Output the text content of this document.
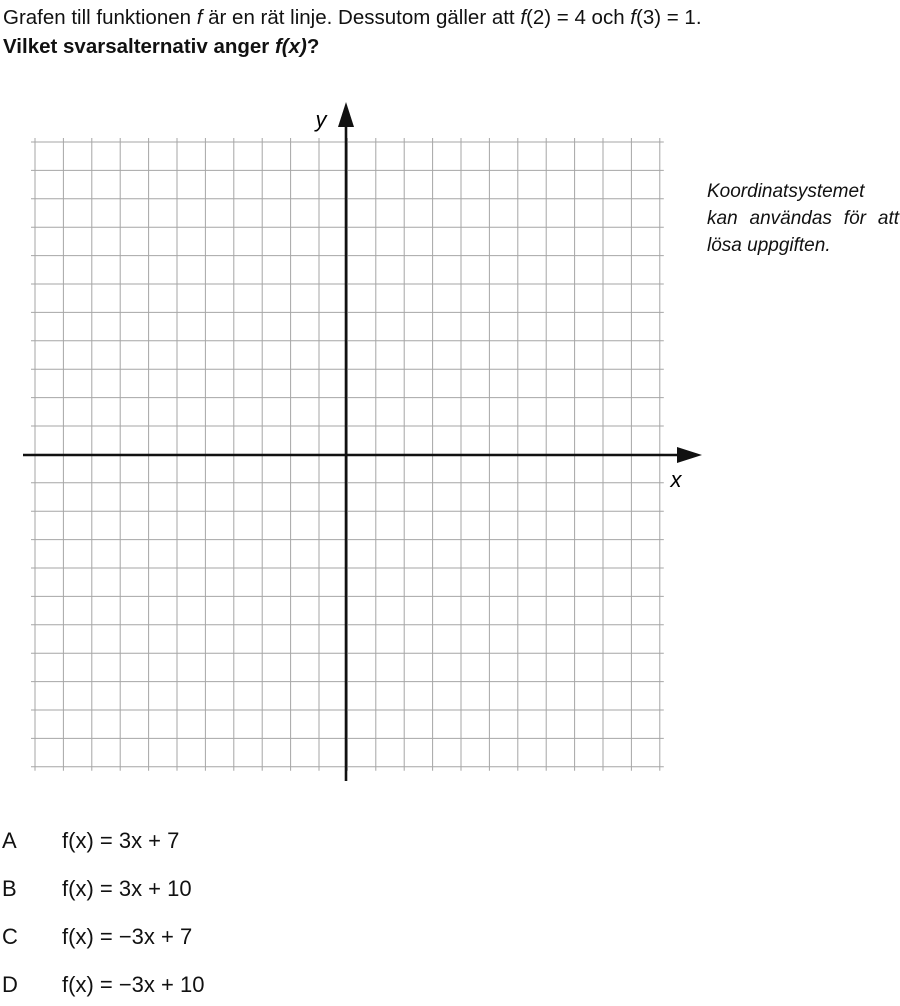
Grafen till funktionen f är en rät linje. Dessutom gäller att f(2) = 4 och f(3) = 1.
Vilket svarsalternativ anger f(x)?
y
x
Koordinatsystemet kan användas för att lösa uppgiften.
A f(x) = 3x + 7
B f(x) = 3x + 10
C f(x) = −3x + 7
D f(x) = −3x + 10
